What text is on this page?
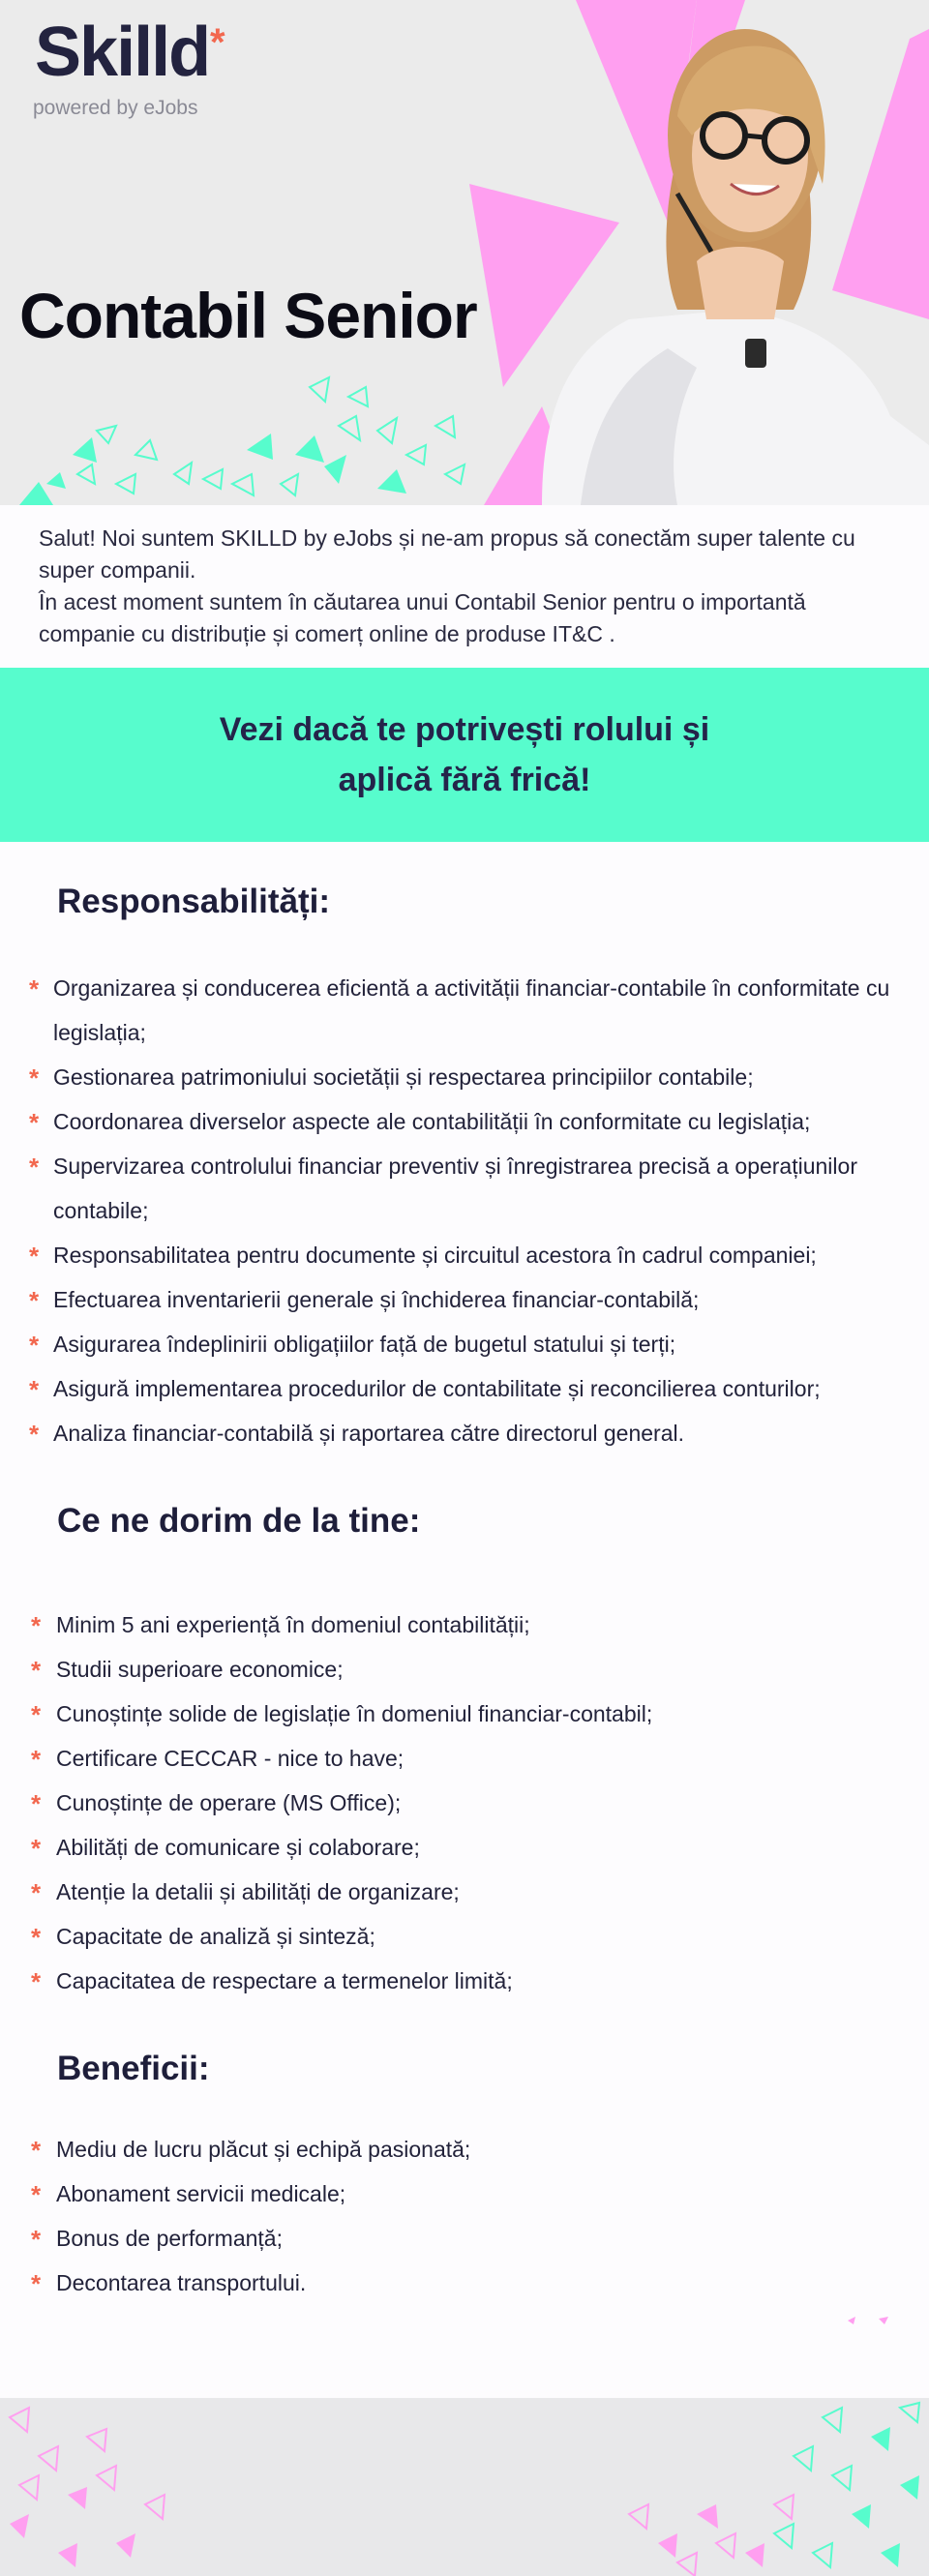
Skilld *
powered by eJobs
Contabil Senior

Salut! Noi suntem SKILLD by eJobs și ne-am propus să conectăm super talente cu super companii.

În acest moment suntem în căutarea unui Contabil Senior pentru o importantă companie cu distribuție și comerț online de produse IT&C .

Vezi dacă te potrivești rolului și
aplică fără frică!
Responsabilități:
* Organizarea și conducerea eficientă a activității financiar-contabile în conformitate cu legislația;
* Gestionarea patrimoniului societății și respectarea principiilor contabile;
* Coordonarea diverselor aspecte ale contabilității în conformitate cu legislația;
* Supervizarea controlului financiar preventiv și înregistrarea precisă a operațiunilor contabile;
* Responsabilitatea pentru documente și circuitul acestora în cadrul companiei;
* Efectuarea inventarierii generale și închiderea financiar-contabilă;
* Asigurarea îndeplinirii obligațiilor față de bugetul statului și terți;
* Asigură implementarea procedurilor de contabilitate și reconcilierea conturilor;
* Analiza financiar-contabilă și raportarea către directorul general.
Ce ne dorim de la tine:
* Minim 5 ani experiență în domeniul contabilității;
* Studii superioare economice;
* Cunoștințe solide de legislație în domeniul financiar-contabil;
* Certificare CECCAR - nice to have;
* Cunoștințe de operare (MS Office);
* Abilități de comunicare și colaborare;
* Atenție la detalii și abilități de organizare;
* Capacitate de analiză și sinteză;
* Capacitatea de respectare a termenelor limită;
Beneficii:
* Mediu de lucru plăcut și echipă pasionată;
* Abonament servicii medicale;
* Bonus de performanță;
* Decontarea transportului.
